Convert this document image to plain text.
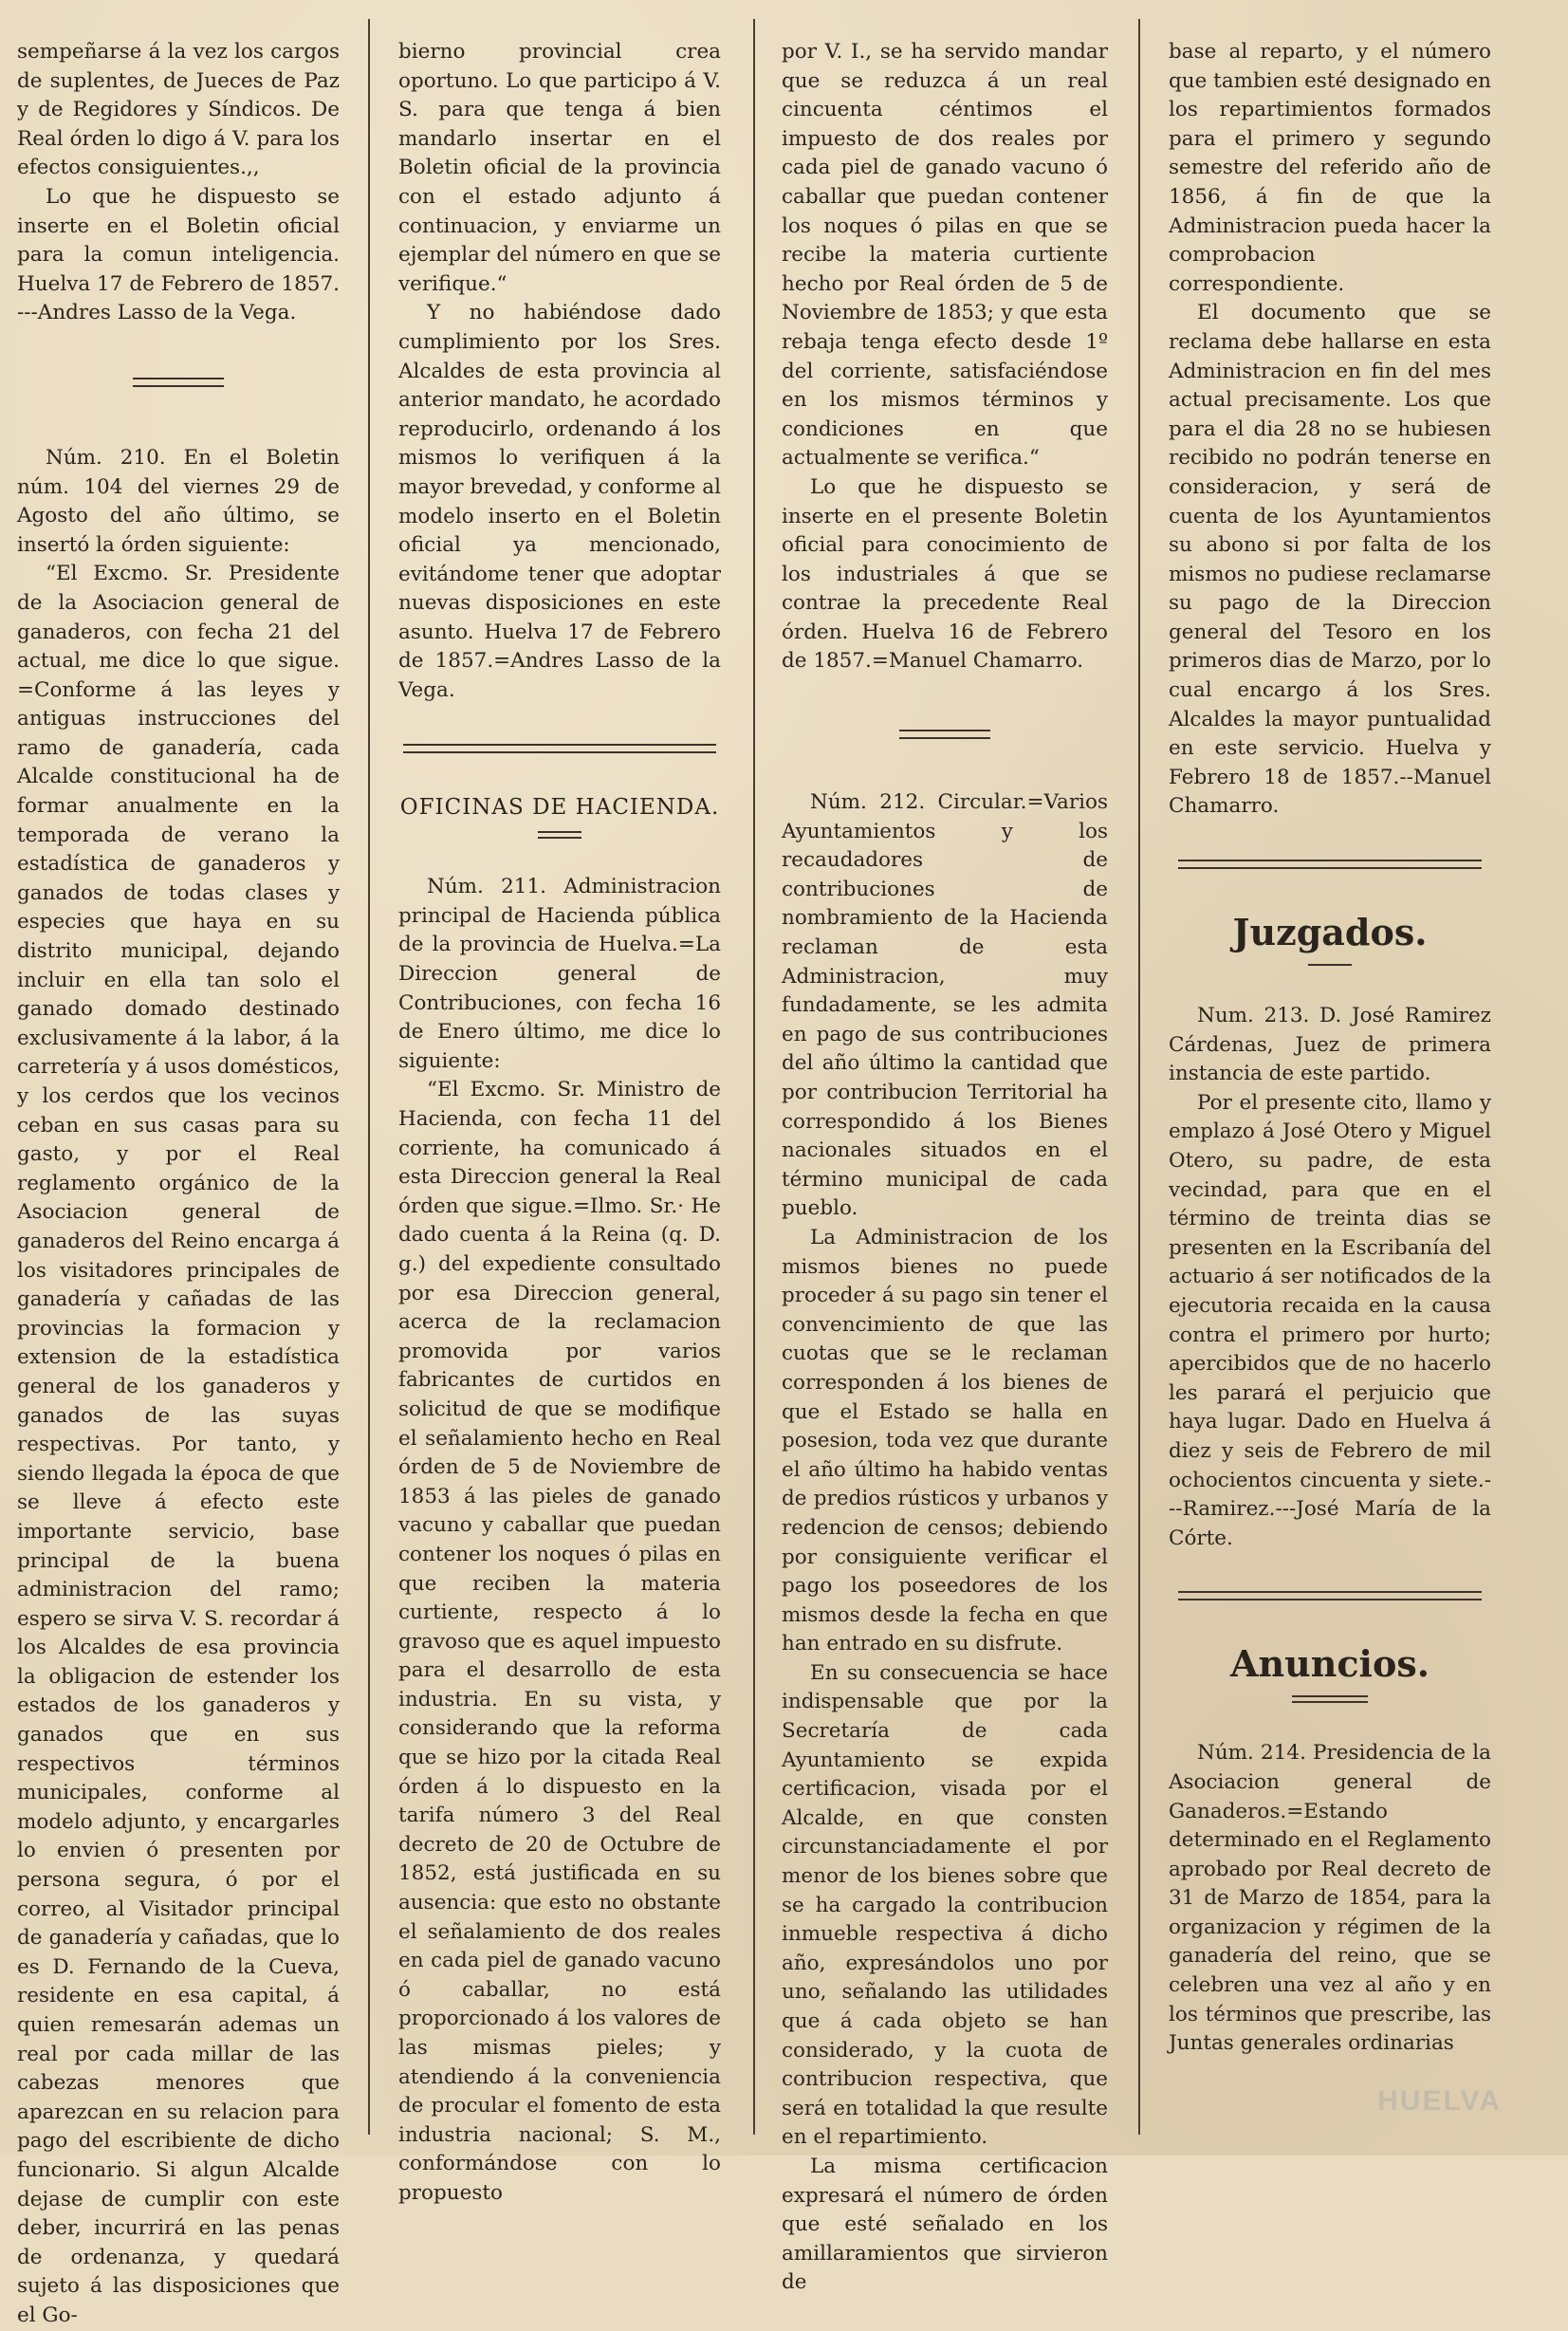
sempeñarse á la vez los cargos de suplentes, de Jueces de Paz y de Regidores y Síndicos. De Real órden lo digo á V. para los efectos consiguientes.,,

Lo que he dispuesto se inserte en el Boletin oficial para la comun inteligencia. Huelva 17 de Febrero de 1857. ---Andres Lasso de la Vega.

Núm. 210. En el Boletin núm. 104 del viernes 29 de Agosto del año último, se insertó la órden siguiente:

“El Excmo. Sr. Presidente de la Asociacion general de ganaderos, con fecha 21 del actual, me dice lo que sigue. =Conforme á las leyes y antiguas instrucciones del ramo de ganadería, cada Alcalde constitucional ha de formar anualmente en la temporada de verano la estadística de ganaderos y ganados de todas clases y especies que haya en su distrito municipal, dejando incluir en ella tan solo el ganado domado destinado exclusivamente á la labor, á la carretería y á usos domésticos, y los cerdos que los vecinos ceban en sus casas para su gasto, y por el Real reglamento orgánico de la Asociacion general de ganaderos del Reino encarga á los visitadores principales de ganadería y cañadas de las provincias la formacion y extension de la estadística general de los ganaderos y ganados de las suyas respectivas. Por tanto, y siendo llegada la época de que se lleve á efecto este importante servicio, base principal de la buena administracion del ramo; espero se sirva V. S. recordar á los Alcaldes de esa provincia la obligacion de estender los estados de los ganaderos y ganados que en sus respectivos términos municipales, conforme al modelo adjunto, y encargarles lo envien ó presenten por persona segura, ó por el correo, al Visitador principal de ganadería y cañadas, que lo es D. Fernando de la Cueva, residente en esa capital, á quien remesarán ademas un real por cada millar de las cabezas menores que aparezcan en su relacion para pago del escribiente de dicho funcionario. Si algun Alcalde dejase de cumplir con este deber, incurrirá en las penas de ordenanza, y quedará sujeto á las disposiciones que el Go-

bierno provincial crea oportuno. Lo que participo á V. S. para que tenga á bien mandarlo insertar en el Boletin oficial de la provincia con el estado adjunto á continuacion, y enviarme un ejemplar del número en que se verifique.“

Y no habiéndose dado cumplimiento por los Sres. Alcaldes de esta provincia al anterior mandato, he acordado reproducirlo, ordenando á los mismos lo verifiquen á la mayor brevedad, y conforme al modelo inserto en el Boletin oficial ya mencionado, evitándome tener que adoptar nuevas disposiciones en este asunto. Huelva 17 de Febrero de 1857.=Andres Lasso de la Vega.

OFICINAS DE HACIENDA.

Núm. 211. Administracion principal de Hacienda pública de la provincia de Huelva.=La Direccion general de Contribuciones, con fecha 16 de Enero último, me dice lo siguiente:

“El Excmo. Sr. Ministro de Hacienda, con fecha 11 del corriente, ha comunicado á esta Direccion general la Real órden que sigue.=Ilmo. Sr.· He dado cuenta á la Reina (q. D. g.) del expediente consultado por esa Direccion general, acerca de la reclamacion promovida por varios fabricantes de curtidos en solicitud de que se modifique el señalamiento hecho en Real órden de 5 de Noviembre de 1853 á las pieles de ganado vacuno y caballar que puedan contener los noques ó pilas en que reciben la materia curtiente, respecto á lo gravoso que es aquel impuesto para el desarrollo de esta industria. En su vista, y considerando que la reforma que se hizo por la citada Real órden á lo dispuesto en la tarifa número 3 del Real decreto de 20 de Octubre de 1852, está justificada en su ausencia: que esto no obstante el señalamiento de dos reales en cada piel de ganado vacuno ó caballar, no está proporcionado á los valores de las mismas pieles; y atendiendo á la conveniencia de procular el fomento de esta industria nacional; S. M., conformándose con lo propuesto

por V. I., se ha servido mandar que se reduzca á un real cincuenta céntimos el impuesto de dos reales por cada piel de ganado vacuno ó caballar que puedan contener los noques ó pilas en que se recibe la materia curtiente hecho por Real órden de 5 de Noviembre de 1853; y que esta rebaja tenga efecto desde 1º del corriente, satisfaciéndose en los mismos términos y condiciones en que actualmente se verifica.“

Lo que he dispuesto se inserte en el presente Boletin oficial para conocimiento de los industriales á que se contrae la precedente Real órden. Huelva 16 de Febrero de 1857.=Manuel Chamarro.

Núm. 212. Circular.=Varios Ayuntamientos y los recaudadores de contribuciones de nombramiento de la Hacienda reclaman de esta Administracion, muy fundadamente, se les admita en pago de sus contribuciones del año último la cantidad que por contribucion Territorial ha correspondido á los Bienes nacionales situados en el término municipal de cada pueblo.

La Administracion de los mismos bienes no puede proceder á su pago sin tener el convencimiento de que las cuotas que se le reclaman corresponden á los bienes de que el Estado se halla en posesion, toda vez que durante el año último ha habido ventas de predios rústicos y urbanos y redencion de censos; debiendo por consiguiente verificar el pago los poseedores de los mismos desde la fecha en que han entrado en su disfrute.

En su consecuencia se hace indispensable que por la Secretaría de cada Ayuntamiento se expida certificacion, visada por el Alcalde, en que consten circunstanciadamente el por menor de los bienes sobre que se ha cargado la contribucion inmueble respectiva á dicho año, expresándolos uno por uno, señalando las utilidades que á cada objeto se han considerado, y la cuota de contribucion respectiva, que será en totalidad la que resulte en el repartimiento.

La misma certificacion expresará el número de órden que esté señalado en los amillaramientos que sirvieron de

base al reparto, y el número que tambien esté designado en los repartimientos formados para el primero y segundo semestre del referido año de 1856, á fin de que la Administracion pueda hacer la comprobacion correspondiente.

El documento que se reclama debe hallarse en esta Administracion en fin del mes actual precisamente. Los que para el dia 28 no se hubiesen recibido no podrán tenerse en consideracion, y será de cuenta de los Ayuntamientos su abono si por falta de los mismos no pudiese reclamarse su pago de la Direccion general del Tesoro en los primeros dias de Marzo, por lo cual encargo á los Sres. Alcaldes la mayor puntualidad en este servicio. Huelva y Febrero 18 de 1857.--Manuel Chamarro.

Juzgados.

Num. 213. D. José Ramirez Cárdenas, Juez de primera instancia de este partido.

Por el presente cito, llamo y emplazo á José Otero y Miguel Otero, su padre, de esta vecindad, para que en el término de treinta dias se presenten en la Escribanía del actuario á ser notificados de la ejecutoria recaida en la causa contra el primero por hurto; apercibidos que de no hacerlo les parará el perjuicio que haya lugar. Dado en Huelva á diez y seis de Febrero de mil ochocientos cincuenta y siete.---Ramirez.---José María de la Córte.

Anuncios.

Núm. 214. Presidencia de la Asociacion general de Ganaderos.=Estando determinado en el Reglamento aprobado por Real decreto de 31 de Marzo de 1854, para la organizacion y régimen de la ganadería del reino, que se celebren una vez al año y en los términos que prescribe, las Juntas generales ordinarias

HUELVA
